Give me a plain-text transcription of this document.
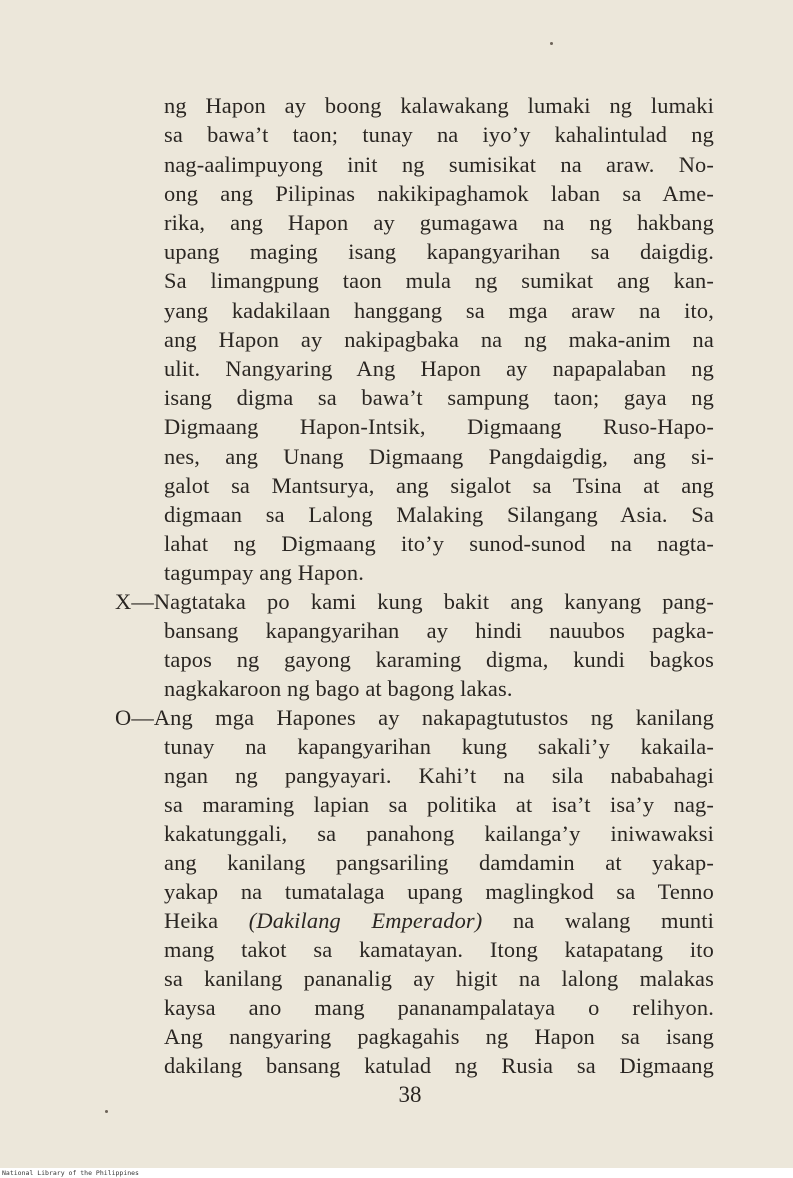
ng Hapon ay boong kalawakang lumaki ng lumaki
sa bawa’t taon; tunay na iyo’y kahalintulad ng
nag-aalimpuyong init ng sumisikat na araw. No-
ong ang Pilipinas nakikipaghamok laban sa Ame-
rika, ang Hapon ay gumagawa na ng hakbang
upang maging isang kapangyarihan sa daigdig.
Sa limangpung taon mula ng sumikat ang kan-
yang kadakilaan hanggang sa mga araw na ito,
ang Hapon ay nakipagbaka na ng maka-anim na
ulit. Nangyaring Ang Hapon ay napapalaban ng
isang digma sa bawa’t sampung taon; gaya ng
Digmaang Hapon-Intsik, Digmaang Ruso-Hapo-
nes, ang Unang Digmaang Pangdaigdig, ang si-
galot sa Mantsurya, ang sigalot sa Tsina at ang
digmaan sa Lalong Malaking Silangang Asia. Sa
lahat ng Digmaang ito’y sunod-sunod na nagta-
tagumpay ang Hapon.
X—Nagtataka po kami kung bakit ang kanyang pang-
bansang kapangyarihan ay hindi nauubos pagka-
tapos ng gayong karaming digma, kundi bagkos
nagkakaroon ng bago at bagong lakas.
O—Ang mga Hapones ay nakapagtutustos ng kanilang
tunay na kapangyarihan kung sakali’y kakaila-
ngan ng pangyayari. Kahi’t na sila nababahagi
sa maraming lapian sa politika at isa’t isa’y nag-
kakatunggali, sa panahong kailanga’y iniwawaksi
ang kanilang pangsariling damdamin at yakap-
yakap na tumatalaga upang maglingkod sa Tenno
Heika (Dakilang Emperador) na walang munti
mang takot sa kamatayan. Itong katapatang ito
sa kanilang pananalig ay higit na lalong malakas
kaysa ano mang pananampalataya o relihyon.
Ang nangyaring pagkagahis ng Hapon sa isang
dakilang bansang katulad ng Rusia sa Digmaang
38
National Library of the Philippines
